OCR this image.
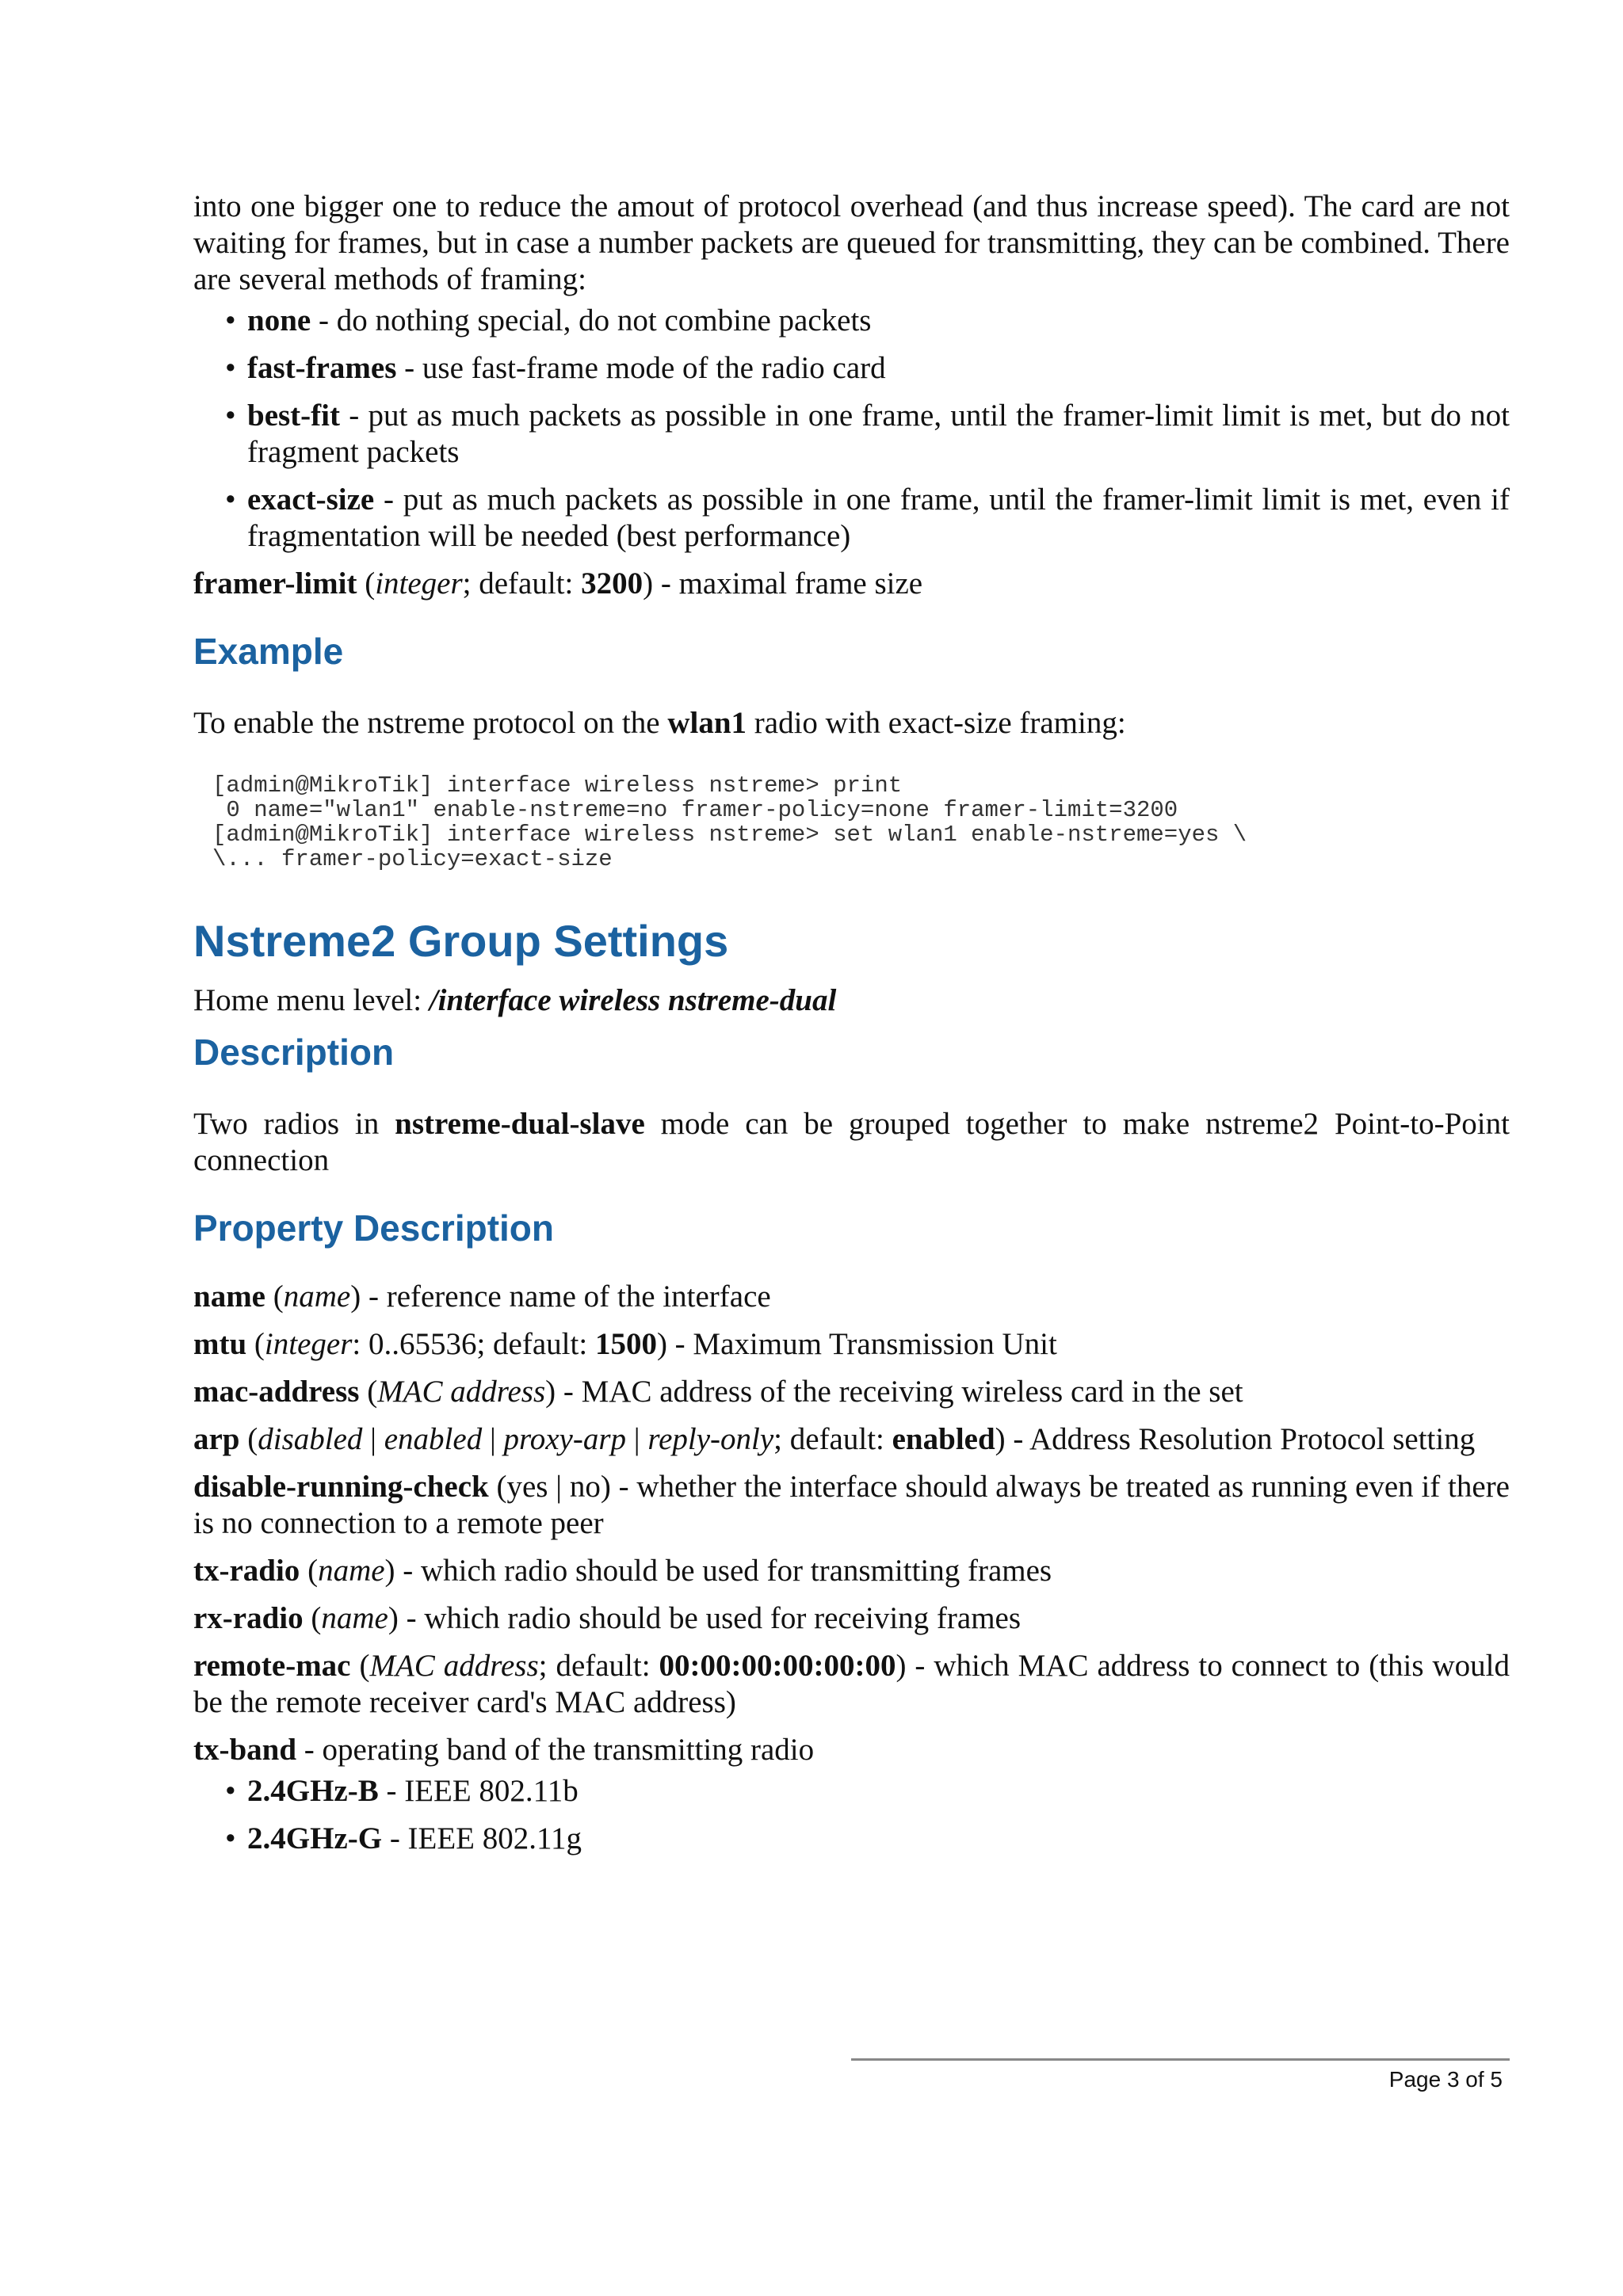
into one bigger one to reduce the amout of protocol overhead (and thus increase speed). The card are not waiting for frames, but in case a number packets are queued for transmitting, they can be combined. There are several methods of framing:

• none - do nothing special, do not combine packets
• fast-frames - use fast-frame mode of the radio card
• best-fit - put as much packets as possible in one frame, until the framer-limit limit is met, but do not fragment packets
• exact-size - put as much packets as possible in one frame, until the framer-limit limit is met, even if fragmentation will be needed (best performance)

framer-limit (integer; default: 3200) - maximal frame size

Example

To enable the nstreme protocol on the wlan1 radio with exact-size framing:

[admin@MikroTik] interface wireless nstreme> print
0 name="wlan1" enable-nstreme=no framer-policy=none framer-limit=3200
[admin@MikroTik] interface wireless nstreme> set wlan1 enable-nstreme=yes \
\... framer-policy=exact-size
Nstreme2 Group Settings

Home menu level: /interface wireless nstreme-dual

Description

Two radios in nstreme-dual-slave mode can be grouped together to make nstreme2 Point-to-Point connection

Property Description

name (name) - reference name of the interface

mtu (integer: 0..65536; default: 1500) - Maximum Transmission Unit

mac-address (MAC address) - MAC address of the receiving wireless card in the set

arp (disabled | enabled | proxy-arp | reply-only; default: enabled) - Address Resolution Protocol setting

disable-running-check (yes | no) - whether the interface should always be treated as running even if there is no connection to a remote peer

tx-radio (name) - which radio should be used for transmitting frames

rx-radio (name) - which radio should be used for receiving frames

remote-mac (MAC address; default: 00:00:00:00:00:00) - which MAC address to connect to (this would be the remote receiver card's MAC address)

tx-band - operating band of the transmitting radio

• 2.4GHz-B - IEEE 802.11b
• 2.4GHz-G - IEEE 802.11g
Page 3 of 5
